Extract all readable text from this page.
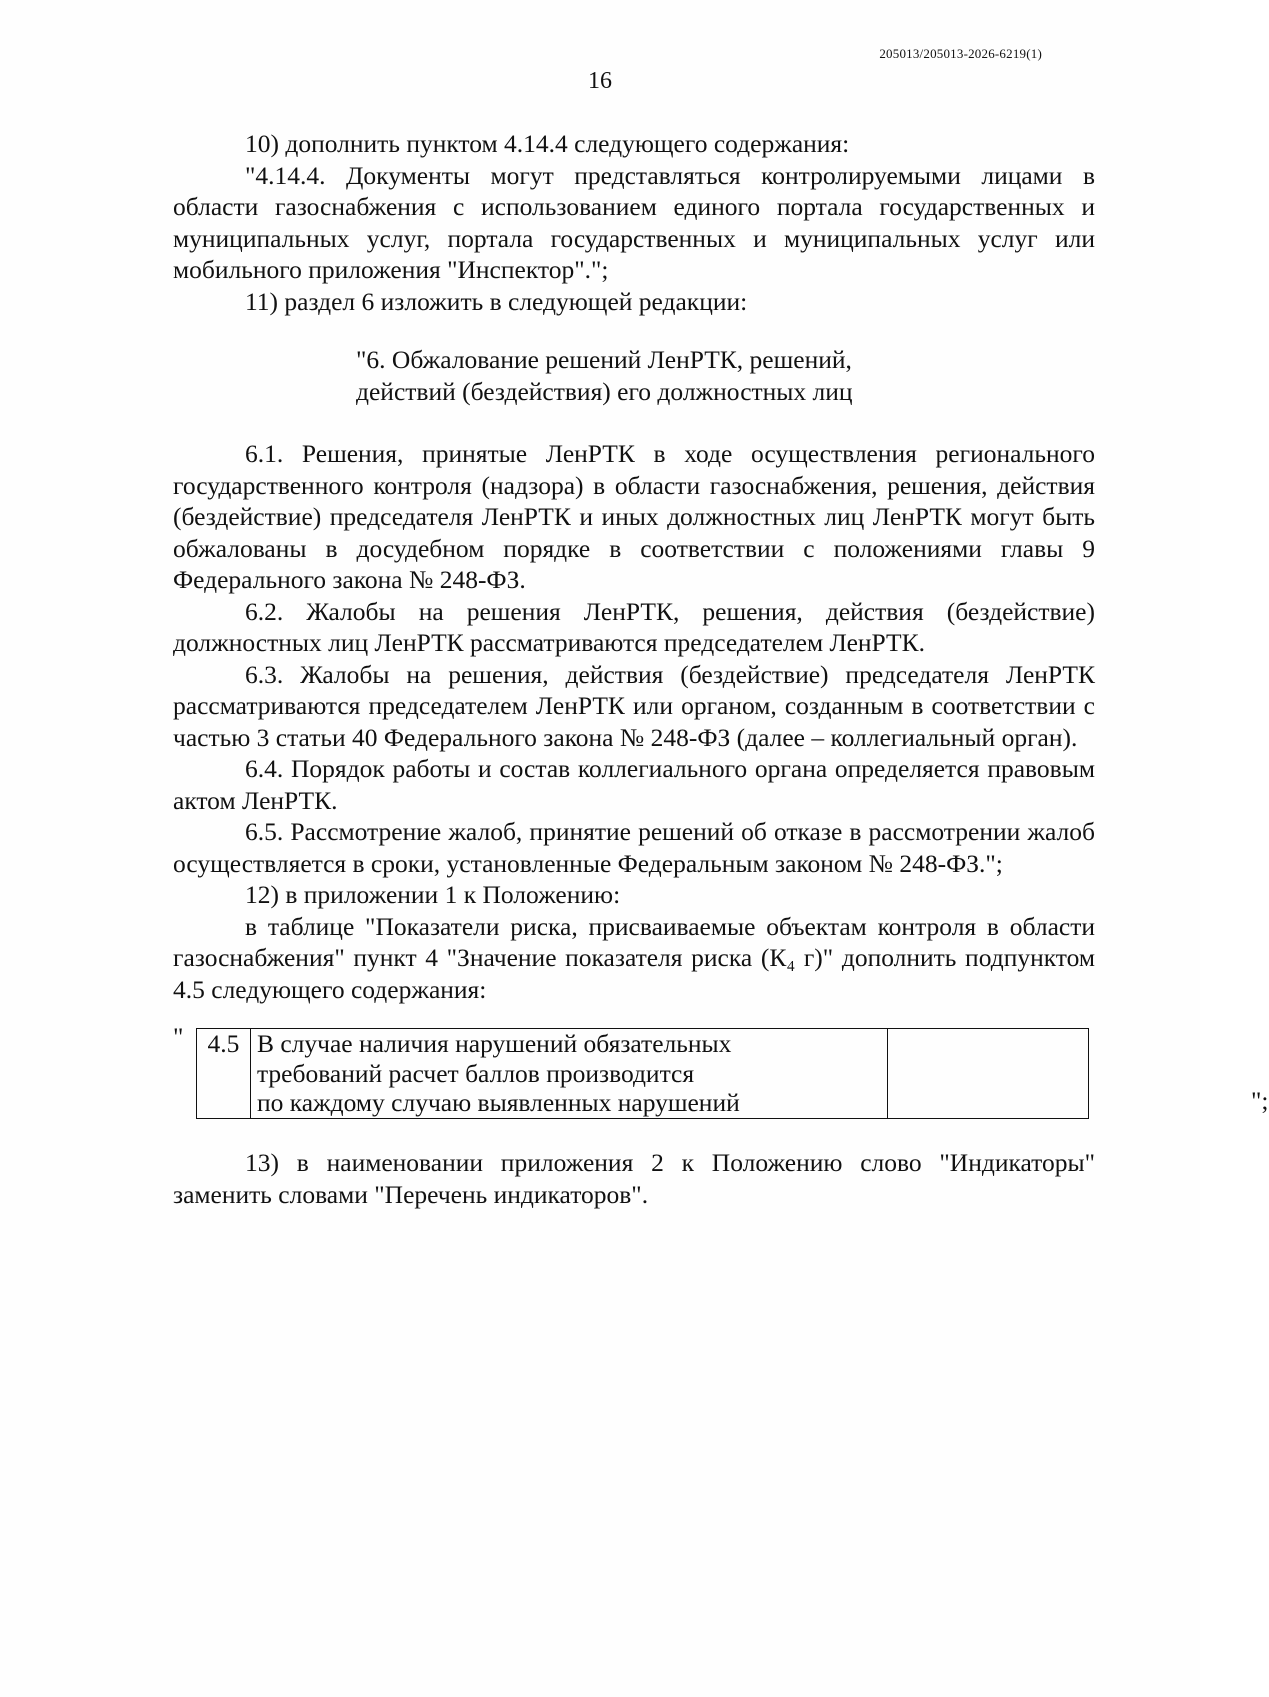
205013/205013-2026-6219(1)
16

10) дополнить пунктом 4.14.4 следующего содержания:

"4.14.4. Документы могут представляться контролируемыми лицами в области газоснабжения с использованием единого портала государственных и муниципальных услуг, портала государственных и муниципальных услуг или мобильного приложения "Инспектор".";

11) раздел 6 изложить в следующей редакции:

"6. Обжалование решений ЛенРТК, решений,
действий (бездействия) его должностных лиц

6.1. Решения, принятые ЛенРТК в ходе осуществления регионального государственного контроля (надзора) в области газоснабжения, решения, действия (бездействие) председателя ЛенРТК и иных должностных лиц ЛенРТК могут быть обжалованы в досудебном порядке в соответствии с положениями главы 9 Федерального закона № 248-ФЗ.

6.2. Жалобы на решения ЛенРТК, решения, действия (бездействие) должностных лиц ЛенРТК рассматриваются председателем ЛенРТК.

6.3. Жалобы на решения, действия (бездействие) председателя ЛенРТК рассматриваются председателем ЛенРТК или органом, созданным в соответствии с частью 3 статьи 40 Федерального закона № 248-ФЗ (далее – коллегиальный орган).

6.4. Порядок работы и состав коллегиального органа определяется правовым актом ЛенРТК.

6.5. Рассмотрение жалоб, принятие решений об отказе в рассмотрении жалоб осуществляется в сроки, установленные Федеральным законом № 248-ФЗ.";

12) в приложении 1 к Положению:

в таблице "Показатели риска, присваиваемые объектам контроля в области газоснабжения" пункт 4 "Значение показателя риска (К₄ г)" дополнить подпунктом 4.5 следующего содержания:

" 4.5	В случае наличия нарушений обязательных
требований расчет баллов производится
по каждому случаю выявленных нарушений
		";

13) в наименовании приложения 2 к Положению слово "Индикаторы" заменить словами "Перечень индикаторов".
